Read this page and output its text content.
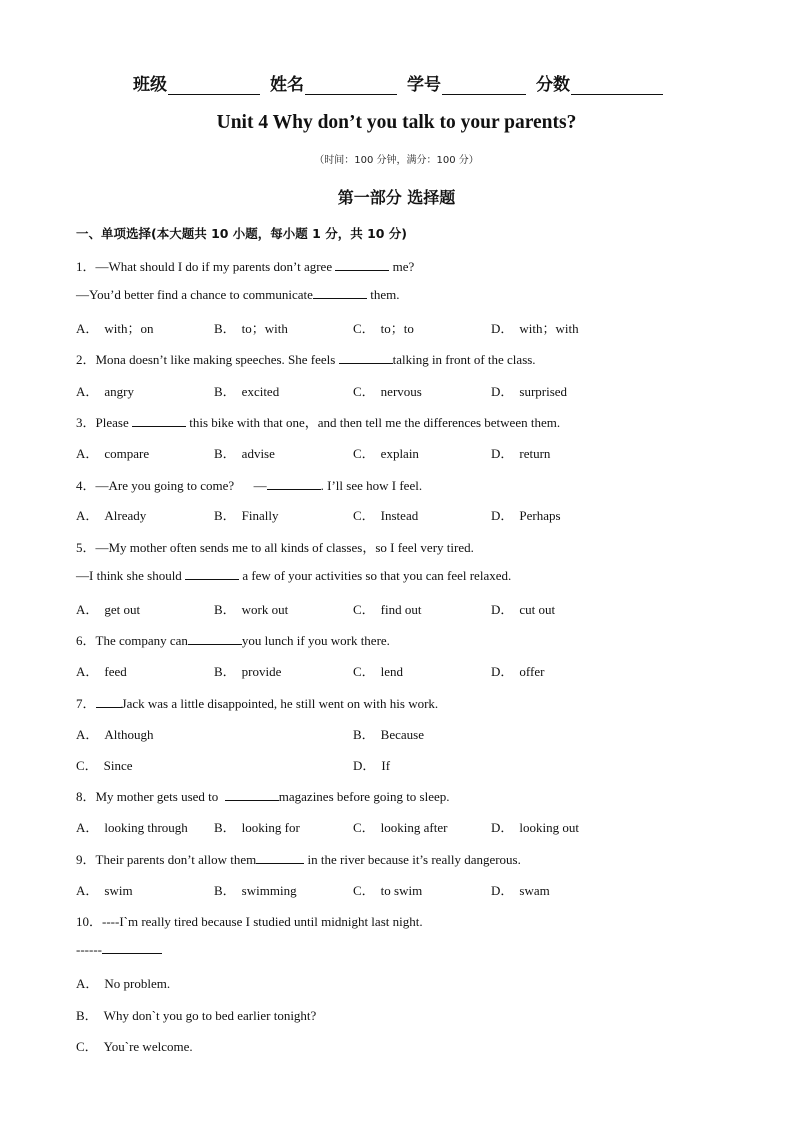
班级	姓名	学号	分数
Unit 4 Why don’t you talk to your parents?
（时间：100 分钟，满分：100 分）
第一部分 选择题
一、单项选择(本大题共 10 小题，每小题 1 分，共 10 分)
1．—What should I do if my parents don’t agree	me?
—You’d better find a chance to communicate	them.
A． with；on	B． to；with	C． to；to	D． with；with
2．Mona doesn’t like making speeches. She feels	talking in front of the class.
A． angry	B． excited	C． nervous	D． surprised
3．Please	this bike with that one，and then tell me the differences between them.
A． compare	B． advise	C． explain	D． return
4．—Are you going to come?      —	. I’ll see how I feel.
A． Already	B． Finally	C． Instead	D． Perhaps
5．—My mother often sends me to all kinds of classes，so I feel very tired.
—I think she should	a few of your activities so that you can feel relaxed.
A． get out	B． work out	C． find out	D． cut out
6．The company can	you lunch if you work there.
A． feed	B． provide	C． lend	D． offer
7． Jack was a little disappointed, he still went on with his work.
A． Although	B． Because
C． Since	D． If
8．My mother gets used to	magazines before going to sleep.
A． looking through B． looking for	C． looking after	D． looking out
9．Their parents don’t allow them	in the river because it’s really dangerous.
A． swim	B． swimming	C． to swim	D． swam
10．----I`m really tired because I studied until midnight last night.
------
A． No problem.
B． Why don`t you go to bed earlier tonight?
C． You`re welcome.
